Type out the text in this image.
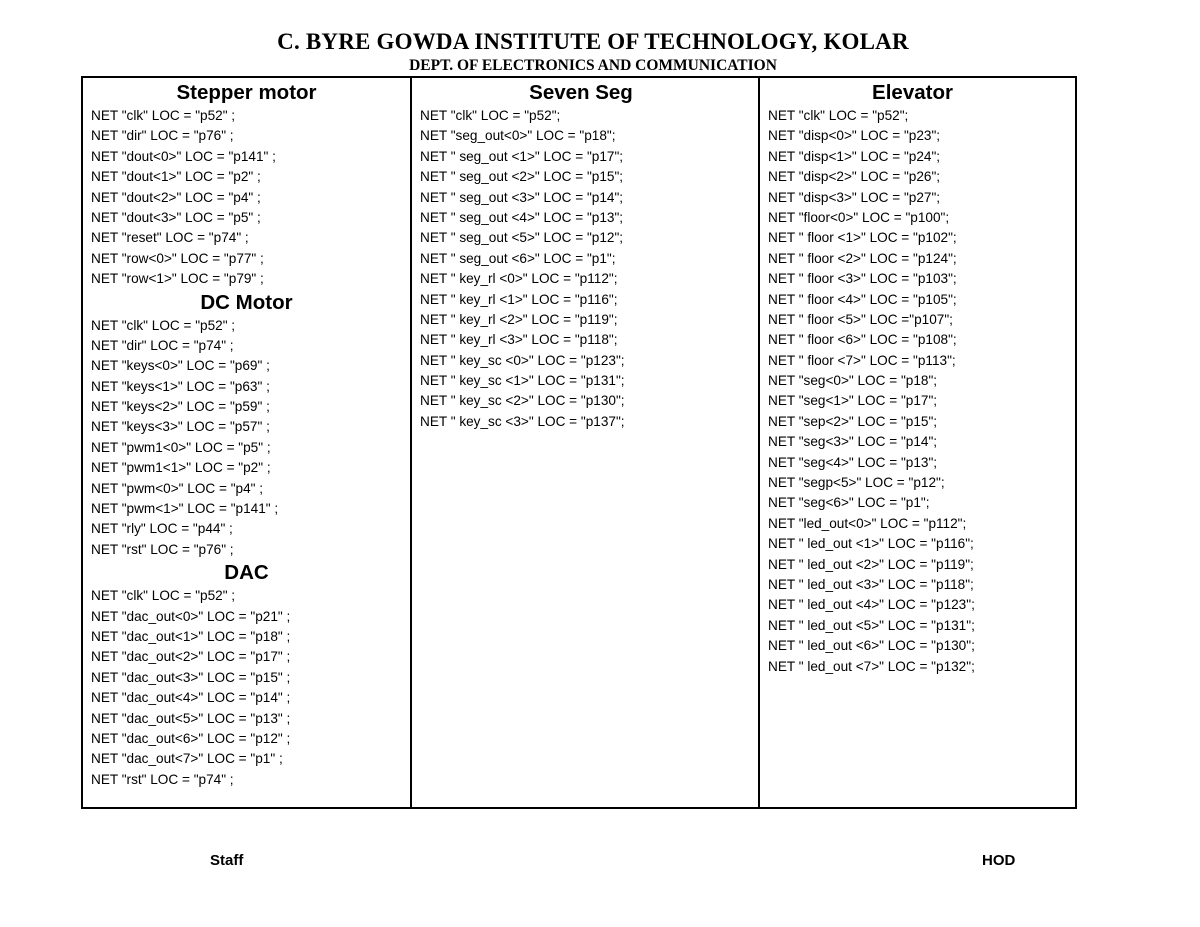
C. BYRE GOWDA INSTITUTE OF TECHNOLOGY, KOLAR
DEPT. OF ELECTRONICS AND COMMUNICATION
Stepper motor
NET "clk" LOC = "p52" ;
NET "dir" LOC = "p76" ;
NET "dout<0>" LOC = "p141" ;
NET "dout<1>" LOC = "p2" ;
NET "dout<2>" LOC = "p4" ;
NET "dout<3>" LOC = "p5" ;
NET "reset" LOC = "p74" ;
NET "row<0>" LOC = "p77" ;
NET "row<1>" LOC = "p79" ;
DC Motor
NET "clk" LOC = "p52" ;
NET "dir" LOC = "p74" ;
NET "keys<0>" LOC = "p69" ;
NET "keys<1>" LOC = "p63" ;
NET "keys<2>" LOC = "p59" ;
NET "keys<3>" LOC = "p57" ;
NET "pwm1<0>" LOC = "p5" ;
NET "pwm1<1>" LOC = "p2" ;
NET "pwm<0>" LOC = "p4" ;
NET "pwm<1>" LOC = "p141" ;
NET "rly" LOC = "p44" ;
NET "rst" LOC = "p76" ;
DAC
NET "clk" LOC = "p52" ;
NET "dac_out<0>" LOC = "p21" ;
NET "dac_out<1>" LOC = "p18" ;
NET "dac_out<2>" LOC = "p17" ;
NET "dac_out<3>" LOC = "p15" ;
NET "dac_out<4>" LOC = "p14" ;
NET "dac_out<5>" LOC = "p13" ;
NET "dac_out<6>" LOC = "p12" ;
NET "dac_out<7>" LOC = "p1" ;
NET "rst" LOC = "p74" ;
Seven Seg
NET "clk" LOC = "p52";
NET "seg_out<0>" LOC = "p18";
NET " seg_out <1>" LOC = "p17";
NET " seg_out <2>" LOC = "p15";
NET " seg_out <3>" LOC = "p14";
NET " seg_out <4>" LOC = "p13";
NET " seg_out <5>" LOC = "p12";
NET " seg_out <6>" LOC = "p1";
NET " key_rl <0>" LOC = "p112";
NET " key_rl <1>" LOC = "p116";
NET " key_rl <2>" LOC = "p119";
NET " key_rl <3>" LOC = "p118";
NET " key_sc <0>" LOC = "p123";
NET " key_sc <1>" LOC = "p131";
NET " key_sc <2>" LOC = "p130";
NET " key_sc <3>" LOC = "p137";
Elevator
NET "clk" LOC = "p52";
NET "disp<0>" LOC = "p23";
NET "disp<1>" LOC = "p24";
NET "disp<2>" LOC = "p26";
NET "disp<3>" LOC = "p27";
NET "floor<0>" LOC = "p100";
NET " floor <1>" LOC = "p102";
NET " floor <2>" LOC = "p124";
NET " floor <3>" LOC = "p103";
NET " floor <4>" LOC = "p105";
NET " floor <5>" LOC ="p107";
NET " floor <6>" LOC = "p108";
NET " floor <7>" LOC = "p113";
NET "seg<0>" LOC = "p18";
NET "seg<1>" LOC = "p17";
NET "sep<2>" LOC = "p15";
NET "seg<3>" LOC = "p14";
NET "seg<4>" LOC = "p13";
NET "segp<5>" LOC = "p12";
NET "seg<6>" LOC = "p1";
NET "led_out<0>" LOC = "p112";
NET " led_out <1>" LOC = "p116";
NET " led_out <2>" LOC = "p119";
NET " led_out <3>" LOC = "p118";
NET " led_out <4>" LOC = "p123";
NET " led_out <5>" LOC = "p131";
NET " led_out <6>" LOC = "p130";
NET " led_out <7>" LOC = "p132";
Staff	HOD
